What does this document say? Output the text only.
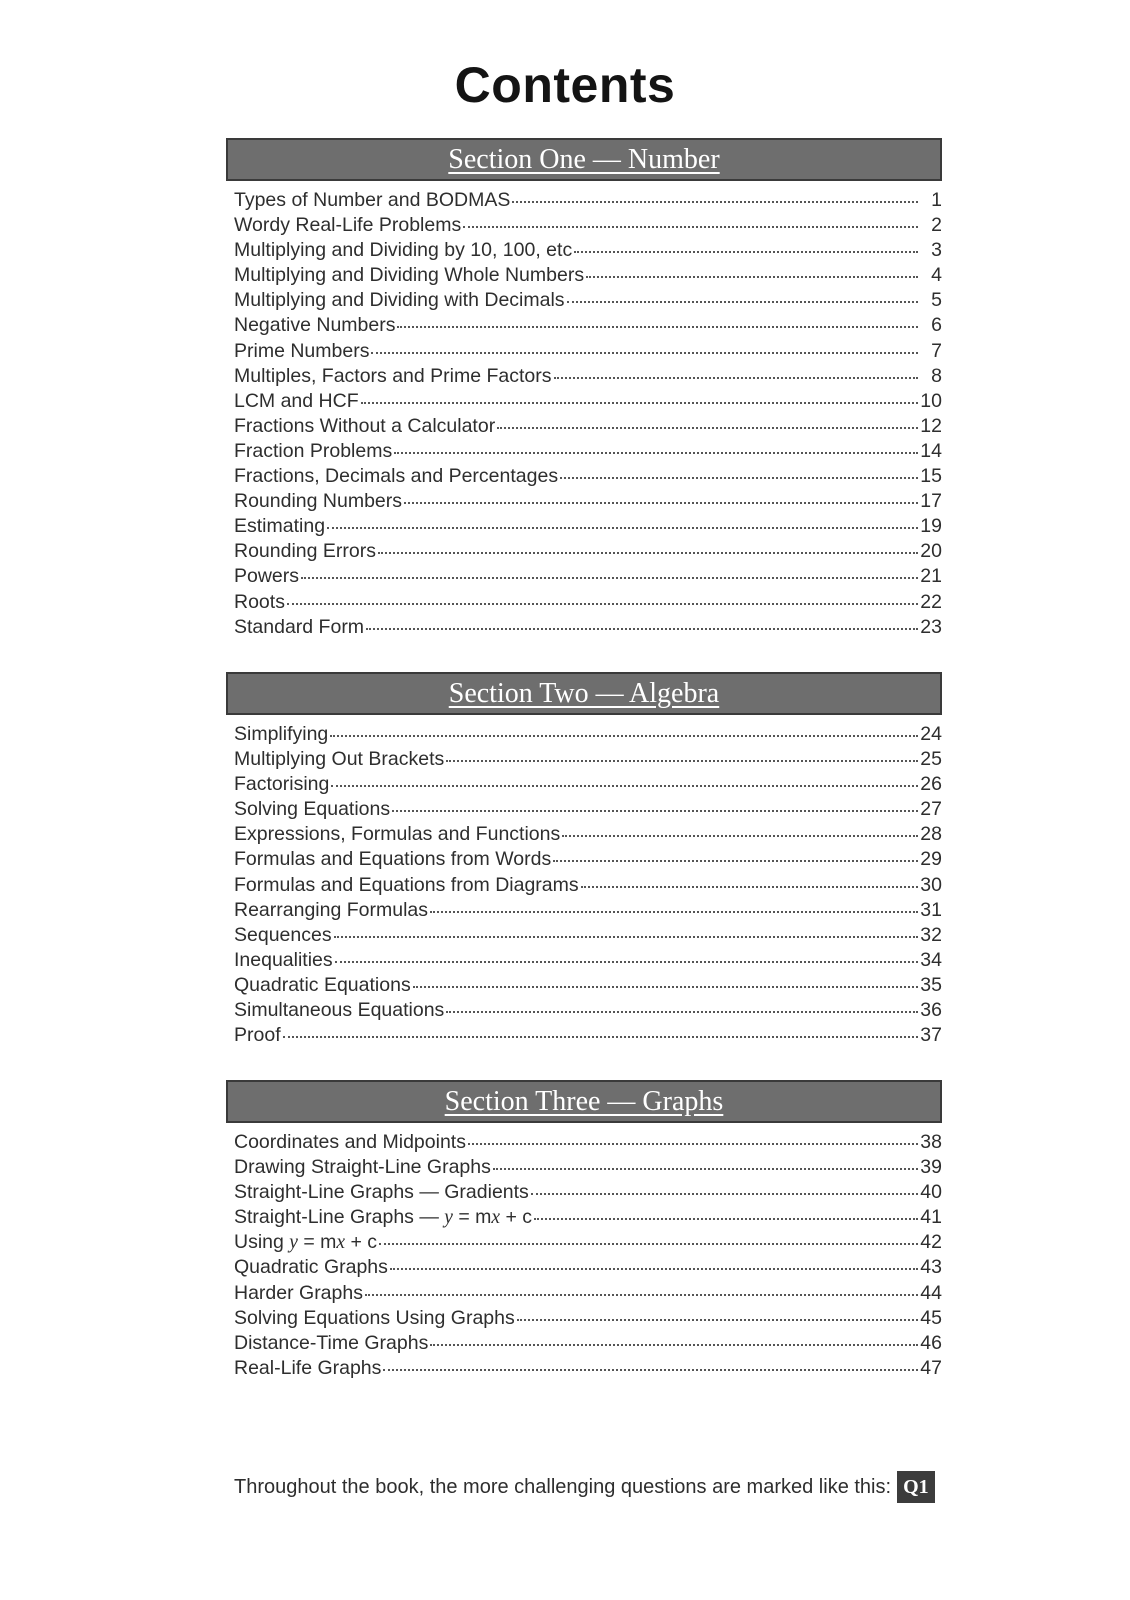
Contents
Section One — Number
Types of Number and BODMAS	1
Wordy Real-Life Problems	2
Multiplying and Dividing by 10, 100, etc	3
Multiplying and Dividing Whole Numbers	4
Multiplying and Dividing with Decimals	5
Negative Numbers	6
Prime Numbers	7
Multiples, Factors and Prime Factors	8
LCM and HCF	10
Fractions Without a Calculator	12
Fraction Problems	14
Fractions, Decimals and Percentages	15
Rounding Numbers	17
Estimating	19
Rounding Errors	20
Powers	21
Roots	22
Standard Form	23
Section Two — Algebra
Simplifying	24
Multiplying Out Brackets	25
Factorising	26
Solving Equations	27
Expressions, Formulas and Functions	28
Formulas and Equations from Words	29
Formulas and Equations from Diagrams	30
Rearranging Formulas	31
Sequences	32
Inequalities	34
Quadratic Equations	35
Simultaneous Equations	36
Proof	37
Section Three — Graphs
Coordinates and Midpoints	38
Drawing Straight-Line Graphs	39
Straight-Line Graphs — Gradients	40
Straight-Line Graphs — y = mx + c	41
Using y = mx + c	42
Quadratic Graphs	43
Harder Graphs	44
Solving Equations Using Graphs	45
Distance-Time Graphs	46
Real-Life Graphs	47
Throughout the book, the more challenging questions are marked like this: Q1
